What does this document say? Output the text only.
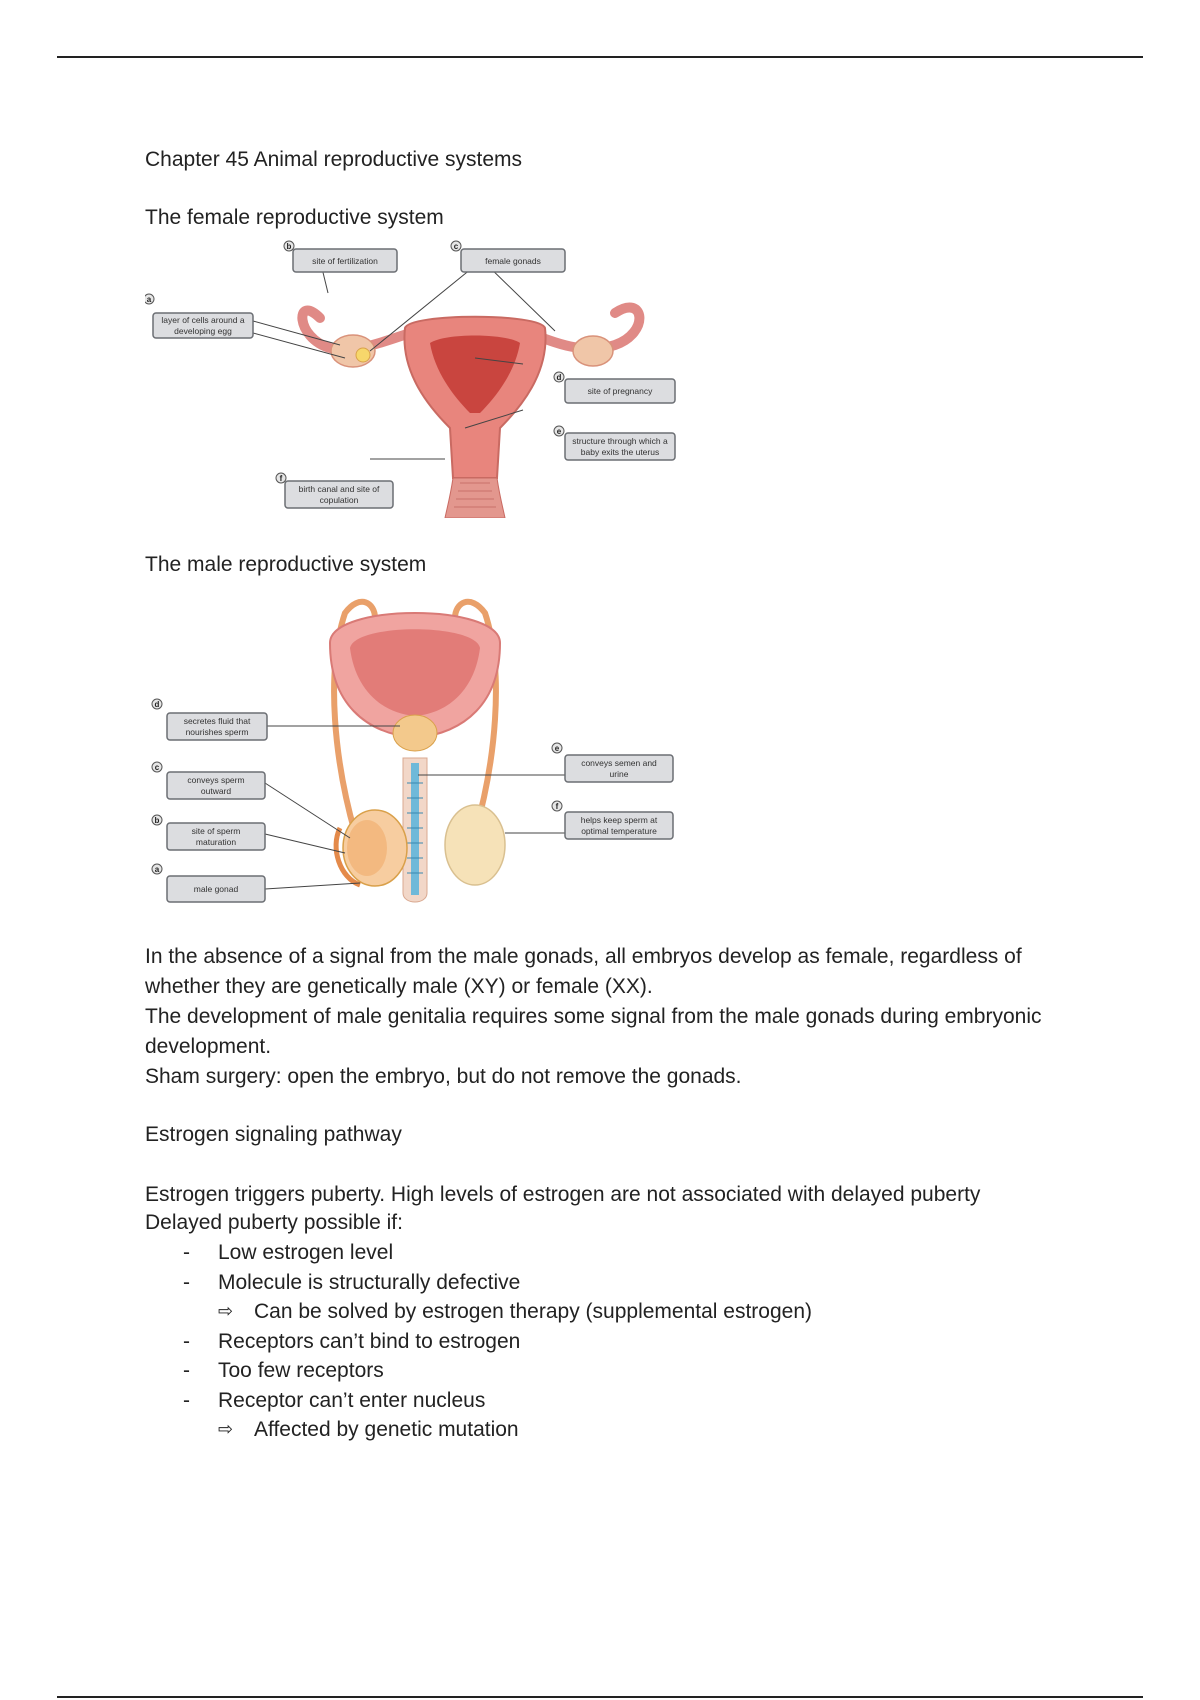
Chapter 45 Animal reproductive systems
The female reproductive system
a
layer of cells around a
developing egg
b
site of fertilization
c
female gonads
d
site of pregnancy
e
structure through which a
baby exits the uterus
f
birth canal and site of
copulation
The male reproductive system
d
secretes fluid that
nourishes sperm
c
conveys sperm
outward
b
site of sperm
maturation
a
male gonad
e
conveys semen and
urine
f
helps keep sperm at
optimal temperature

In the absence of a signal from the male gonads, all embryos develop as female, regardless of whether they are genetically male (XY) or female (XX).

The development of male genitalia requires some signal from the male gonads during embryonic development.

Sham surgery: open the embryo, but do not remove the gonads.

Estrogen signaling pathway
Estrogen triggers puberty. High levels of estrogen are not associated with delayed puberty
Delayed puberty possible if:
- Low estrogen level
- Molecule is structurally defective
⇨ Can be solved by estrogen therapy (supplemental estrogen)
- Receptors can’t bind to estrogen
- Too few receptors
- Receptor can’t enter nucleus
⇨ Affected by genetic mutation
